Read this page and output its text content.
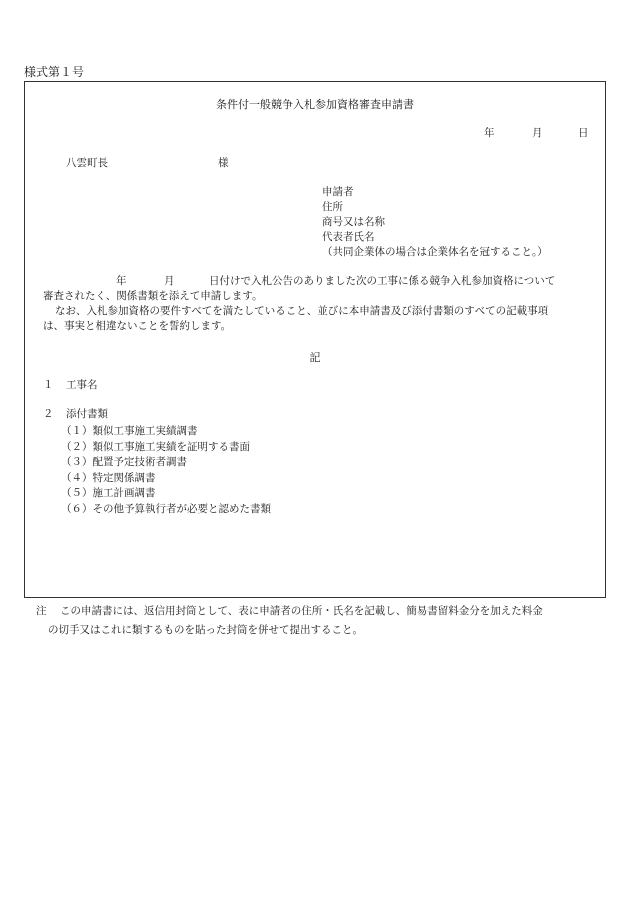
様式第１号
条件付一般競争入札参加資格審査申請書
年	月	日
八雲町長	様
申請者
住所
商号又は名称
代表者氏名
（共同企業体の場合は企業体名を冠すること。）
年	月	日付けで入札公告のありました次の工事に係る競争入札参加資格について
審査されたく、関係書類を添えて申請します。
なお、入札参加資格の要件すべてを満たしていること、並びに本申請書及び添付書類のすべての記載事項
は、事実と相違ないことを誓約します。
記
１ 工事名
２ 添付書類
（１）類似工事施工実績調書
（２）類似工事施工実績を証明する書面
（３）配置予定技術者調書
（４）特定関係調書
（５）施工計画調書
（６）その他予算執行者が必要と認めた書類
注 この申請書には、返信用封筒として、表に申請者の住所・氏名を記載し、簡易書留料金分を加えた料金
の切手又はこれに類するものを貼った封筒を併せて提出すること。
